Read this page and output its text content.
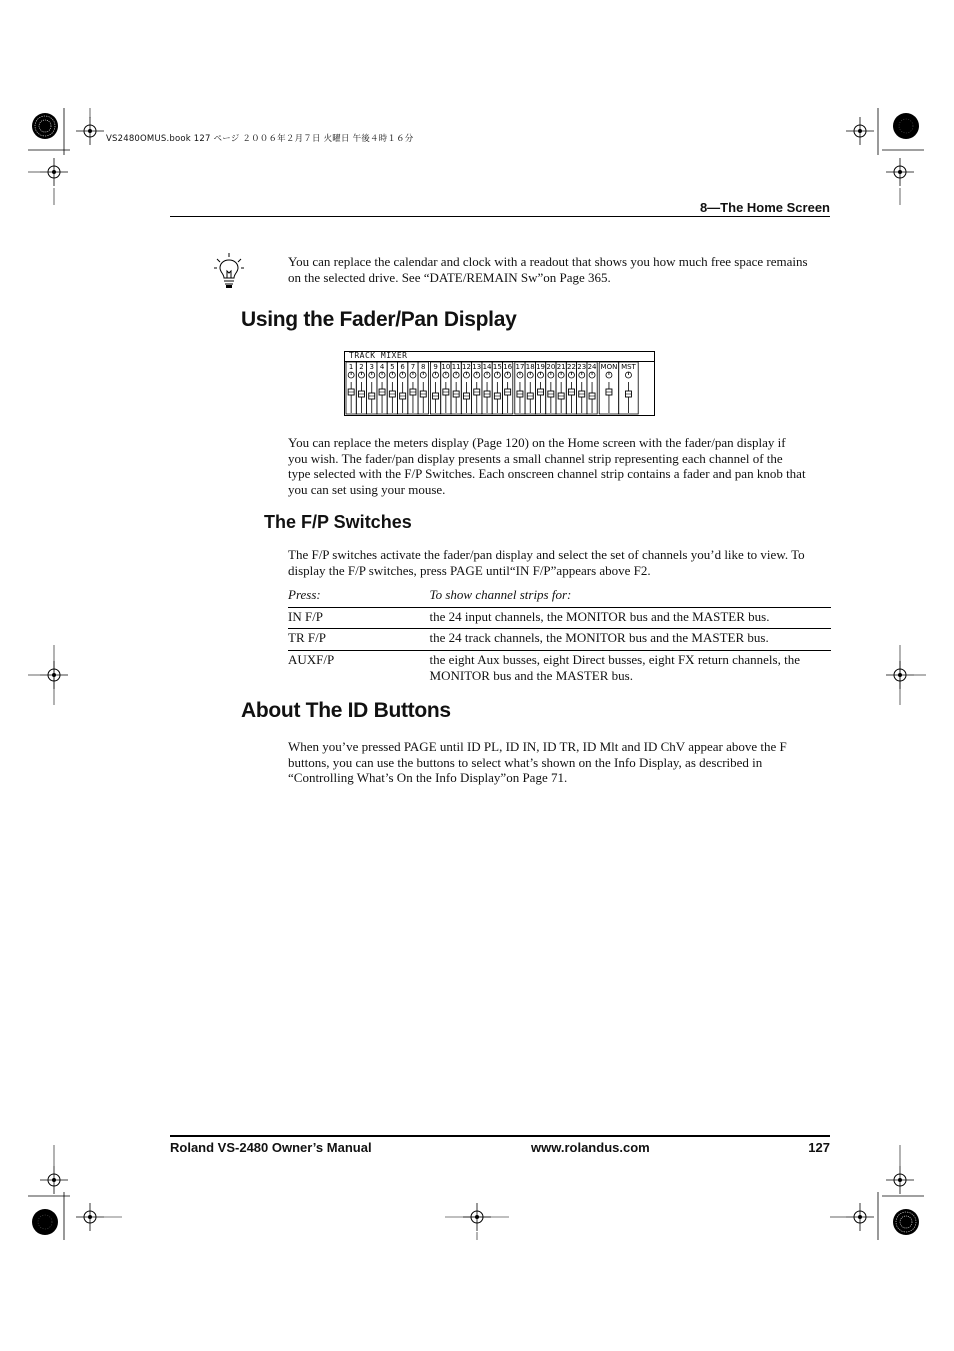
VS2480OMUS.book 127 ページ ２００６年２月７日 火曜日 午後４時１６分
8—The Home Screen
You can replace the calendar and clock with a readout that shows you how much free space remains on the selected drive. See “DATE/REMAIN Sw”on Page 365.
Using the Fader/Pan Display
TRACK MIXER
1 2 3 4 5 6 7 8 9 10 11 12 13 14 15 16 17 18 19 20 21 22 23 24 MON MST
You can replace the meters display (Page 120) on the Home screen with the fader/pan display if you wish. The fader/pan display presents a small channel strip representing each channel of the type selected with the F/P Switches. Each onscreen channel strip contains a fader and pan knob that you can set using your mouse.
The F/P Switches
The F/P switches activate the fader/pan display and select the set of channels you’d like to view. To display the F/P switches, press PAGE until“IN F/P”appears above F2.
Press:	To show channel strips for:
IN F/P	the 24 input channels, the MONITOR bus and the MASTER bus.
TR F/P	the 24 track channels, the MONITOR bus and the MASTER bus.
AUXF/P	the eight Aux busses, eight Direct busses, eight FX return channels, the MONITOR bus and the MASTER bus.
About The ID Buttons
When you’ve pressed PAGE until ID PL, ID IN, ID TR, ID Mlt and ID ChV appear above the F buttons, you can use the buttons to select what’s shown on the Info Display, as described in “Controlling What’s On the Info Display”on Page 71.
Roland VS-2480 Owner’s Manual	www.rolandus.com	127
